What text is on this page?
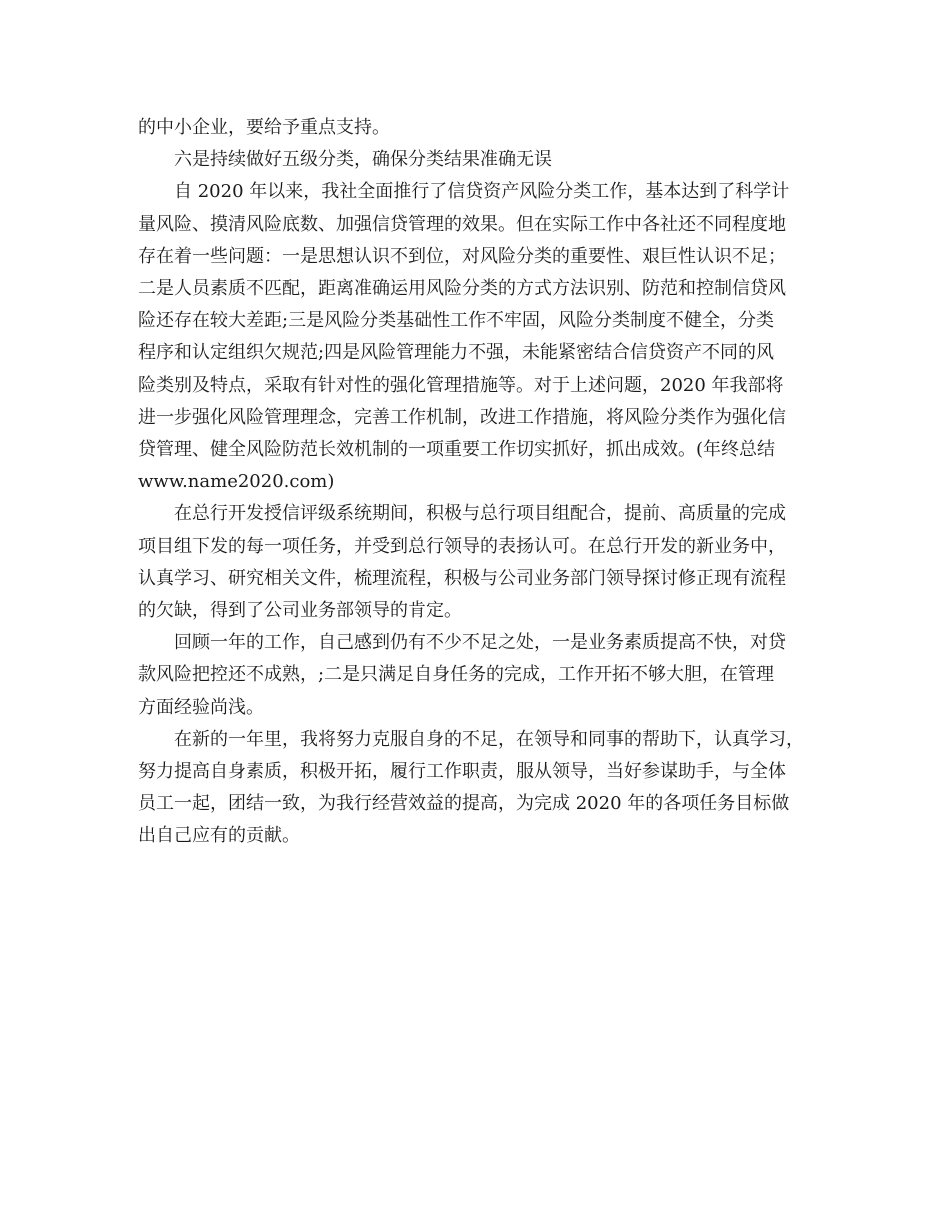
的中小企业，要给予重点支持。

六是持续做好五级分类，确保分类结果准确无误

自 2020 年以来，我社全面推行了信贷资产风险分类工作，基本达到了科学计
量风险、摸清风险底数、加强信贷管理的效果。但在实际工作中各社还不同程度地
存在着一些问题：一是思想认识不到位，对风险分类的重要性、艰巨性认识不足；
二是人员素质不匹配，距离准确运用风险分类的方式方法识别、防范和控制信贷风
险还存在较大差距;三是风险分类基础性工作不牢固，风险分类制度不健全，分类
程序和认定组织欠规范;四是风险管理能力不强，未能紧密结合信贷资产不同的风
险类别及特点，采取有针对性的强化管理措施等。对于上述问题，2020 年我部将
进一步强化风险管理理念，完善工作机制，改进工作措施，将风险分类作为强化信
贷管理、健全风险防范长效机制的一项重要工作切实抓好，抓出成效。(年终总结
www.name2020.com)

在总行开发授信评级系统期间，积极与总行项目组配合，提前、高质量的完成
项目组下发的每一项任务，并受到总行领导的表扬认可。在总行开发的新业务中，
认真学习、研究相关文件，梳理流程，积极与公司业务部门领导探讨修正现有流程
的欠缺，得到了公司业务部领导的肯定。

回顾一年的工作，自己感到仍有不少不足之处，一是业务素质提高不快，对贷
款风险把控还不成熟，;二是只满足自身任务的完成，工作开拓不够大胆，在管理
方面经验尚浅。

在新的一年里，我将努力克服自身的不足，在领导和同事的帮助下，认真学习，
努力提高自身素质，积极开拓，履行工作职责，服从领导，当好参谋助手，与全体
员工一起，团结一致，为我行经营效益的提高，为完成 2020 年的各项任务目标做
出自己应有的贡献。
